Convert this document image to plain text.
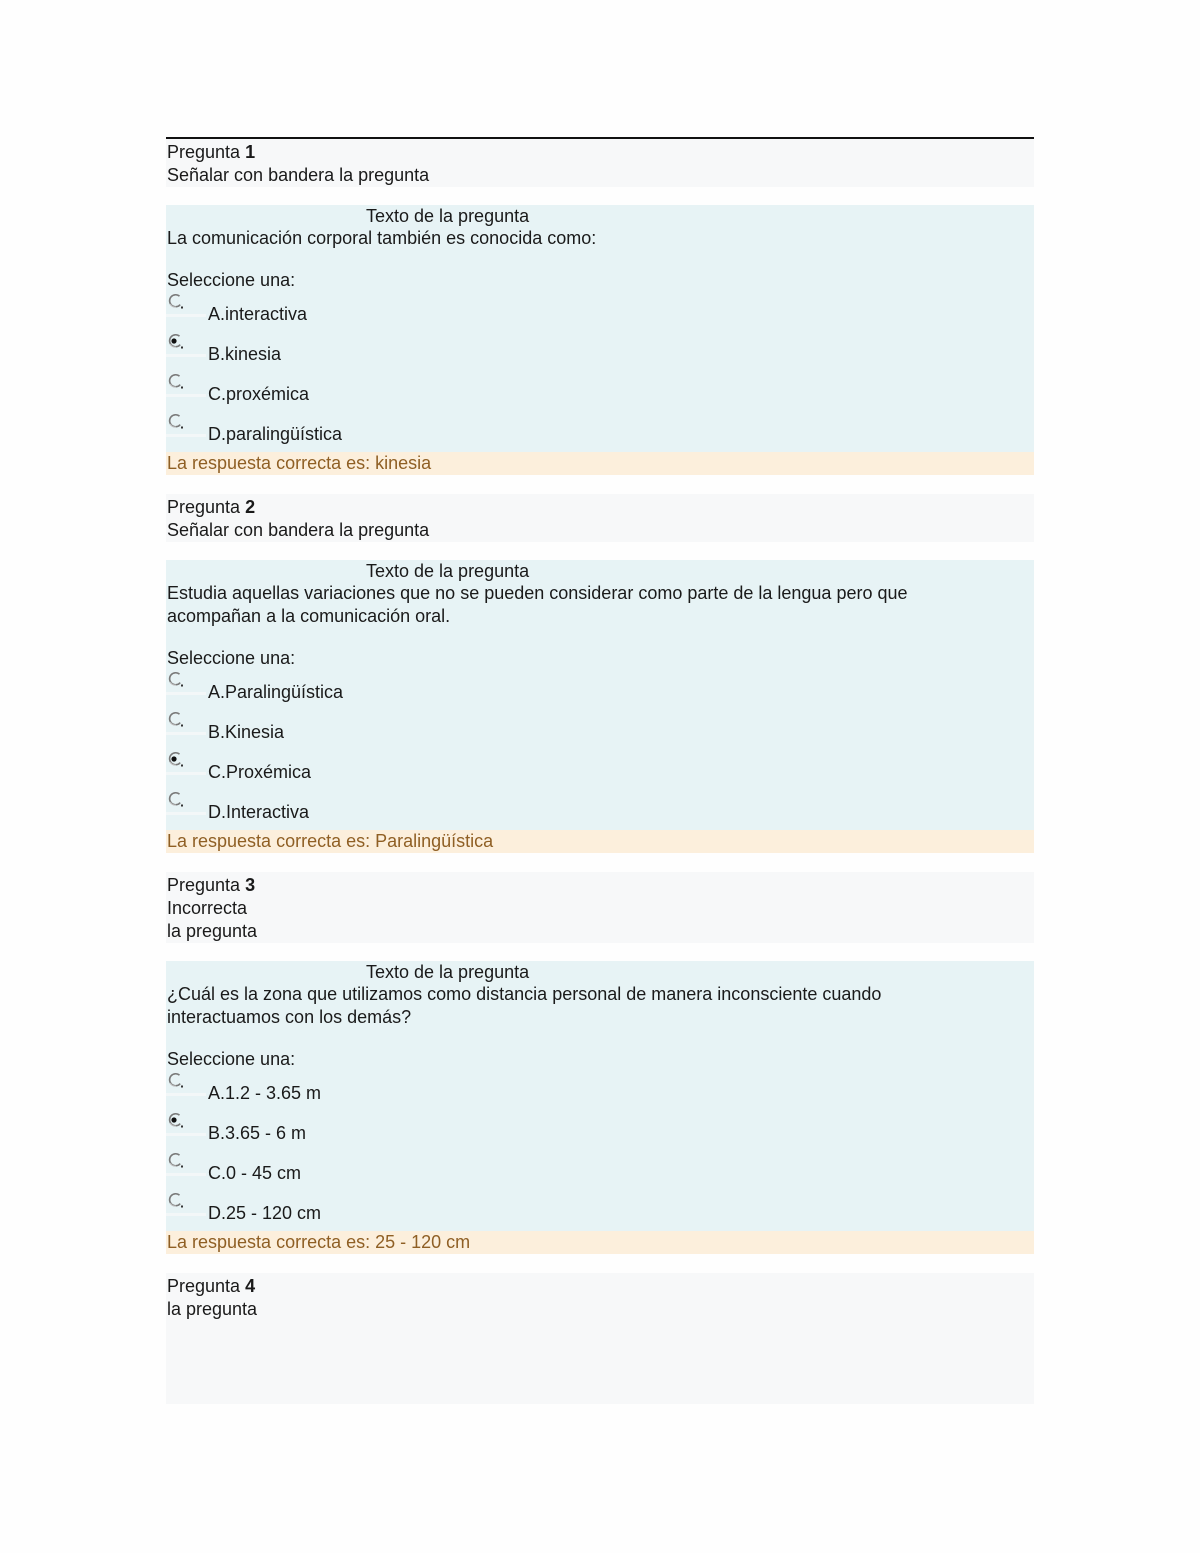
Pregunta 1
Señalar con bandera la pregunta
Texto de la pregunta
La comunicación corporal también es conocida como:
Seleccione una:
A.interactiva
B.kinesia
C.proxémica
D.paralingüística
La respuesta correcta es: kinesia
Pregunta 2
Señalar con bandera la pregunta
Texto de la pregunta
Estudia aquellas variaciones que no se pueden considerar como parte de la lengua pero que acompañan a la comunicación oral.
Seleccione una:
A.Paralingüística
B.Kinesia
C.Proxémica
D.Interactiva
La respuesta correcta es: Paralingüística
Pregunta 3
Incorrecta
la pregunta
Texto de la pregunta
¿Cuál es la zona que utilizamos como distancia personal de manera inconsciente cuando interactuamos con los demás?
Seleccione una:
A.1.2 - 3.65 m
B.3.65 - 6 m
C.0 - 45 cm
D.25 - 120 cm
La respuesta correcta es: 25 - 120 cm
Pregunta 4
la pregunta
